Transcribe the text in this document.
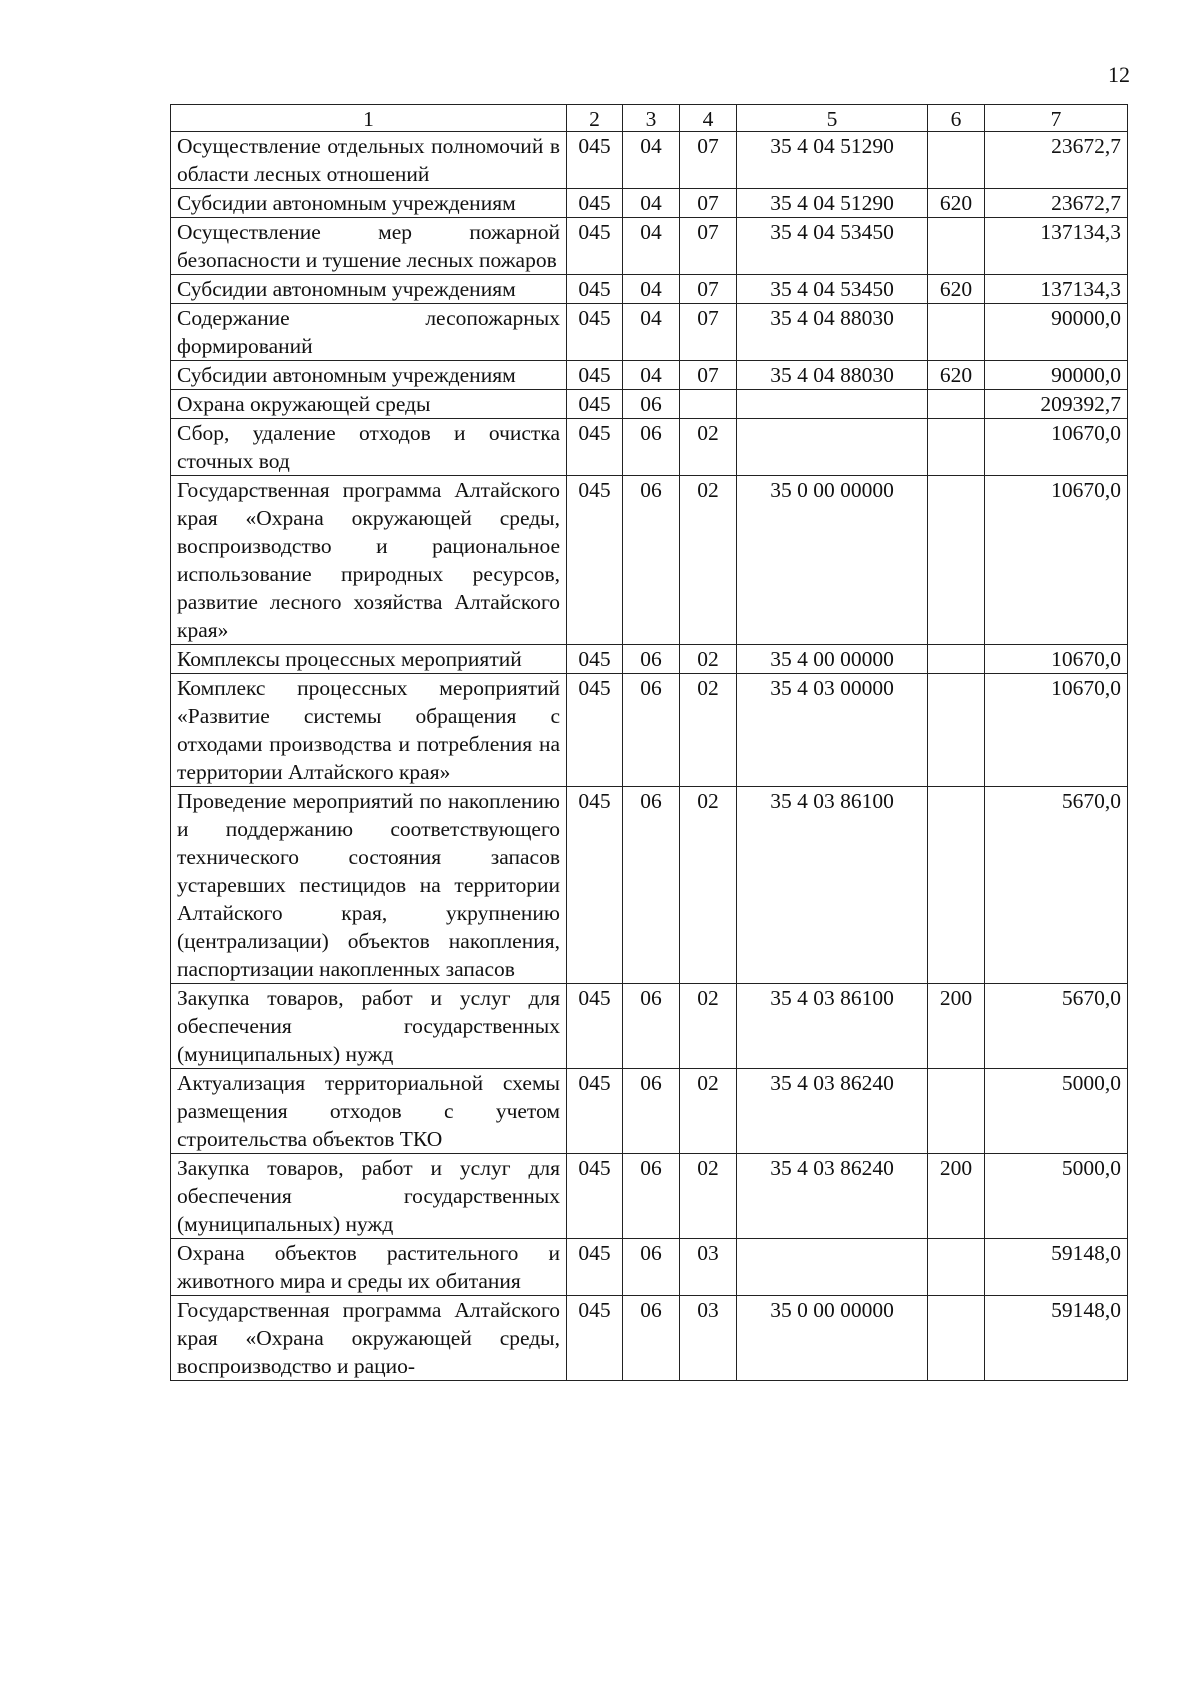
12
1	2	3	4	5	6	7
Осуществление отдельных полномочий в области лесных отношений	045	04	07	35 4 04 51290		23672,7
Субсидии автономным учреждениям	045	04	07	35 4 04 51290	620	23672,7
Осуществление мер пожарной безопасности и тушение лесных пожаров	045	04	07	35 4 04 53450		137134,3
Субсидии автономным учреждениям	045	04	07	35 4 04 53450	620	137134,3
Содержание лесопожарных формирований	045	04	07	35 4 04 88030		90000,0
Субсидии автономным учреждениям	045	04	07	35 4 04 88030	620	90000,0
Охрана окружающей среды	045	06				209392,7
Сбор, удаление отходов и очистка сточных вод	045	06	02			10670,0
Государственная программа Алтайского края «Охрана окружающей среды, воспроизводство и рациональное использование природных ресурсов, развитие лесного хозяйства Алтайского края»	045	06	02	35 0 00 00000		10670,0
Комплексы процессных мероприятий	045	06	02	35 4 00 00000		10670,0
Комплекс процессных мероприятий «Развитие системы обращения с отходами производства и потребления на территории Алтайского края»	045	06	02	35 4 03 00000		10670,0
Проведение мероприятий по накоплению и поддержанию соответствующего технического состояния запасов устаревших пестицидов на территории Алтайского края, укрупнению (централизации) объектов накопления, паспортизации накопленных запасов	045	06	02	35 4 03 86100		5670,0
Закупка товаров, работ и услуг для обеспечения государственных (муниципальных) нужд	045	06	02	35 4 03 86100	200	5670,0
Актуализация территориальной схемы размещения отходов с учетом строительства объектов ТКО	045	06	02	35 4 03 86240		5000,0
Закупка товаров, работ и услуг для обеспечения государственных (муниципальных) нужд	045	06	02	35 4 03 86240	200	5000,0
Охрана объектов растительного и животного мира и среды их обитания	045	06	03			59148,0
Государственная программа Алтайского края «Охрана окружающей среды, воспроизводство и рацио-	045	06	03	35 0 00 00000		59148,0
